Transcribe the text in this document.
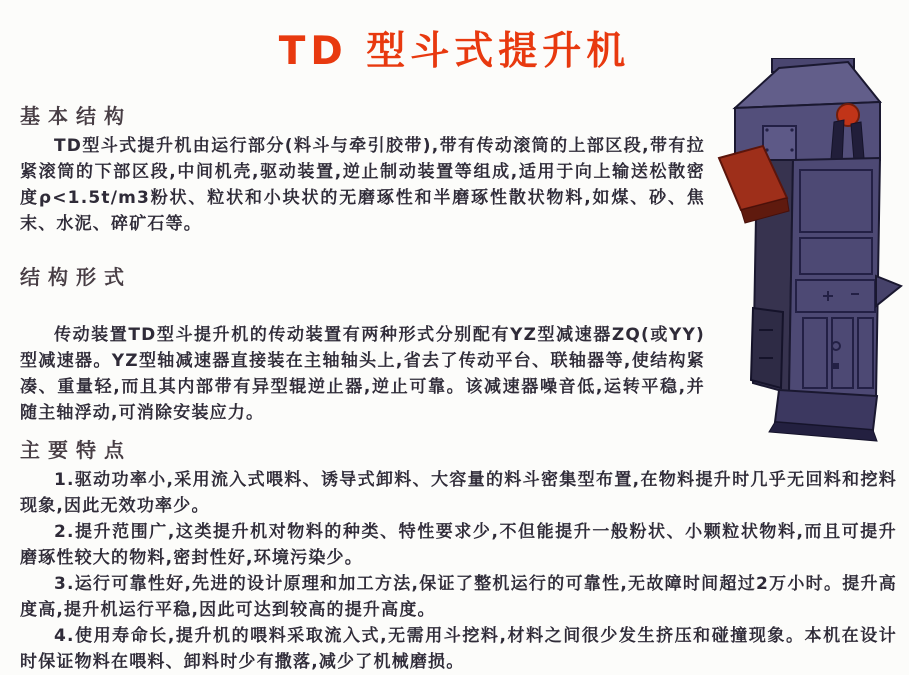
TD 型斗式提升机
基本结构

TD型斗式提升机由运行部分(料斗与牵引胶带),带有传动滚筒的上部区段,带有拉紧滚筒的下部区段,中间机壳,驱动装置,逆止制动装置等组成,适用于向上输送松散密度ρ<1.5t/m3粉状、粒状和小块状的无磨琢性和半磨琢性散状物料,如煤、砂、焦末、水泥、碎矿石等。

结构形式

传动装置TD型斗提升机的传动装置有两种形式分别配有YZ型减速器ZQ(或YY)型减速器。YZ型轴减速器直接装在主轴轴头上,省去了传动平台、联轴器等,使结构紧凑、重量轻,而且其内部带有异型辊逆止器,逆止可靠。该减速器噪音低,运转平稳,并随主轴浮动,可消除安装应力。

主要特点

1.驱动功率小,采用流入式喂料、诱导式卸料、大容量的料斗密集型布置,在物料提升时几乎无回料和挖料现象,因此无效功率少。

2.提升范围广,这类提升机对物料的种类、特性要求少,不但能提升一般粉状、小颗粒状物料,而且可提升磨琢性较大的物料,密封性好,环境污染少。

3.运行可靠性好,先进的设计原理和加工方法,保证了整机运行的可靠性,无故障时间超过2万小时。提升高度高,提升机运行平稳,因此可达到较高的提升高度。

4.使用寿命长,提升机的喂料采取流入式,无需用斗挖料,材料之间很少发生挤压和碰撞现象。本机在设计时保证物料在喂料、卸料时少有撒落,减少了机械磨损。
